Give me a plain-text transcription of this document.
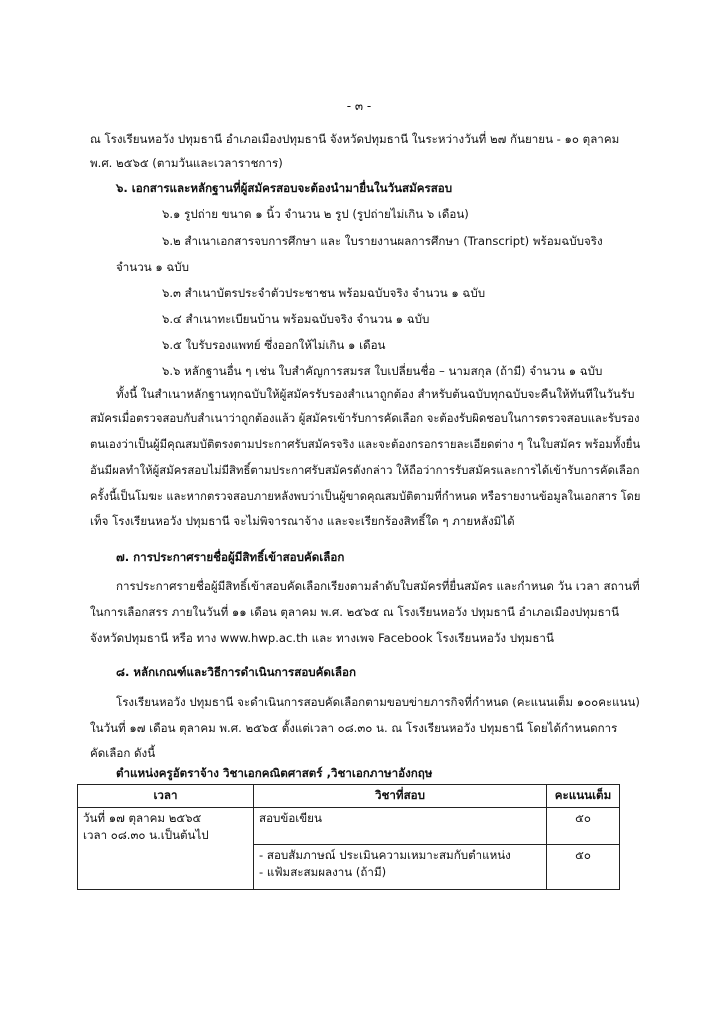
- ๓ -
ณ โรงเรียนหอวัง ปทุมธานี อำเภอเมืองปทุมธานี จังหวัดปทุมธานี ในระหว่างวันที่ ๒๗ กันยายน - ๑๐ ตุลาคม
พ.ศ. ๒๕๖๕ (ตามวันและเวลาราชการ)
๖. เอกสารและหลักฐานที่ผู้สมัครสอบจะต้องนำมายื่นในวันสมัครสอบ
๖.๑ รูปถ่าย ขนาด ๑ นิ้ว จำนวน ๒ รูป (รูปถ่ายไม่เกิน ๖ เดือน)
๖.๒ สำเนาเอกสารจบการศึกษา และ ใบรายงานผลการศึกษา (Transcript) พร้อมฉบับจริง
จำนวน ๑ ฉบับ
๖.๓ สำเนาบัตรประจำตัวประชาชน พร้อมฉบับจริง จำนวน ๑ ฉบับ
๖.๔ สำเนาทะเบียนบ้าน พร้อมฉบับจริง จำนวน ๑ ฉบับ
๖.๕ ใบรับรองแพทย์ ซึ่งออกให้ไม่เกิน ๑ เดือน
๖.๖ หลักฐานอื่น ๆ เช่น ใบสำคัญการสมรส ใบเปลี่ยนชื่อ – นามสกุล (ถ้ามี) จำนวน ๑ ฉบับ
ทั้งนี้ ในสำเนาหลักฐานทุกฉบับให้ผู้สมัครรับรองสำเนาถูกต้อง สำหรับต้นฉบับทุกฉบับจะคืนให้ทันทีในวันรับ
สมัครเมื่อตรวจสอบกับสำเนาว่าถูกต้องแล้ว ผู้สมัครเข้ารับการคัดเลือก จะต้องรับผิดชอบในการตรวจสอบและรับรอง
ตนเองว่าเป็นผู้มีคุณสมบัติตรงตามประกาศรับสมัครจริง และจะต้องกรอกรายละเอียดต่าง ๆ ในใบสมัคร พร้อมทั้งยื่น
อันมีผลทำให้ผู้สมัครสอบไม่มีสิทธิ์ตามประกาศรับสมัครดังกล่าว ให้ถือว่าการรับสมัครและการได้เข้ารับการคัดเลือก
ครั้งนี้เป็นโมฆะ และหากตรวจสอบภายหลังพบว่าเป็นผู้ขาดคุณสมบัติตามที่กำหนด หรือรายงานข้อมูลในเอกสาร โดย
เท็จ โรงเรียนหอวัง ปทุมธานี จะไม่พิจารณาจ้าง และจะเรียกร้องสิทธิ์ใด ๆ ภายหลังมิได้
๗. การประกาศรายชื่อผู้มีสิทธิ์เข้าสอบคัดเลือก
การประกาศรายชื่อผู้มีสิทธิ์เข้าสอบคัดเลือกเรียงตามลำดับใบสมัครที่ยื่นสมัคร และกำหนด วัน เวลา สถานที่
ในการเลือกสรร ภายในวันที่ ๑๑ เดือน ตุลาคม พ.ศ. ๒๕๖๕ ณ โรงเรียนหอวัง ปทุมธานี อำเภอเมืองปทุมธานี
จังหวัดปทุมธานี หรือ ทาง www.hwp.ac.th และ ทางเพจ Facebook โรงเรียนหอวัง ปทุมธานี
๘. หลักเกณฑ์และวิธีการดำเนินการสอบคัดเลือก
โรงเรียนหอวัง ปทุมธานี จะดำเนินการสอบคัดเลือกตามขอบข่ายภารกิจที่กำหนด (คะแนนเต็ม ๑๐๐คะแนน)
ในวันที่ ๑๗ เดือน ตุลาคม พ.ศ. ๒๕๖๕ ตั้งแต่เวลา ๐๘.๓๐ น. ณ โรงเรียนหอวัง ปทุมธานี โดยได้กำหนดการ
คัดเลือก ดังนี้
ตำแหน่งครูอัตราจ้าง วิชาเอกคณิตศาสตร์ ,วิชาเอกภาษาอังกฤษ
เวลา	วิชาที่สอบ	คะแนนเต็ม

วันที่ ๑๗ ตุลาคม ๒๕๖๕
เวลา ๐๘.๓๐ น.เป็นต้นไป	สอบข้อเขียน	๕๐

	- สอบสัมภาษณ์ ประเมินความเหมาะสมกับตำแหน่ง
- แฟ้มสะสมผลงาน (ถ้ามี)	๕๐
